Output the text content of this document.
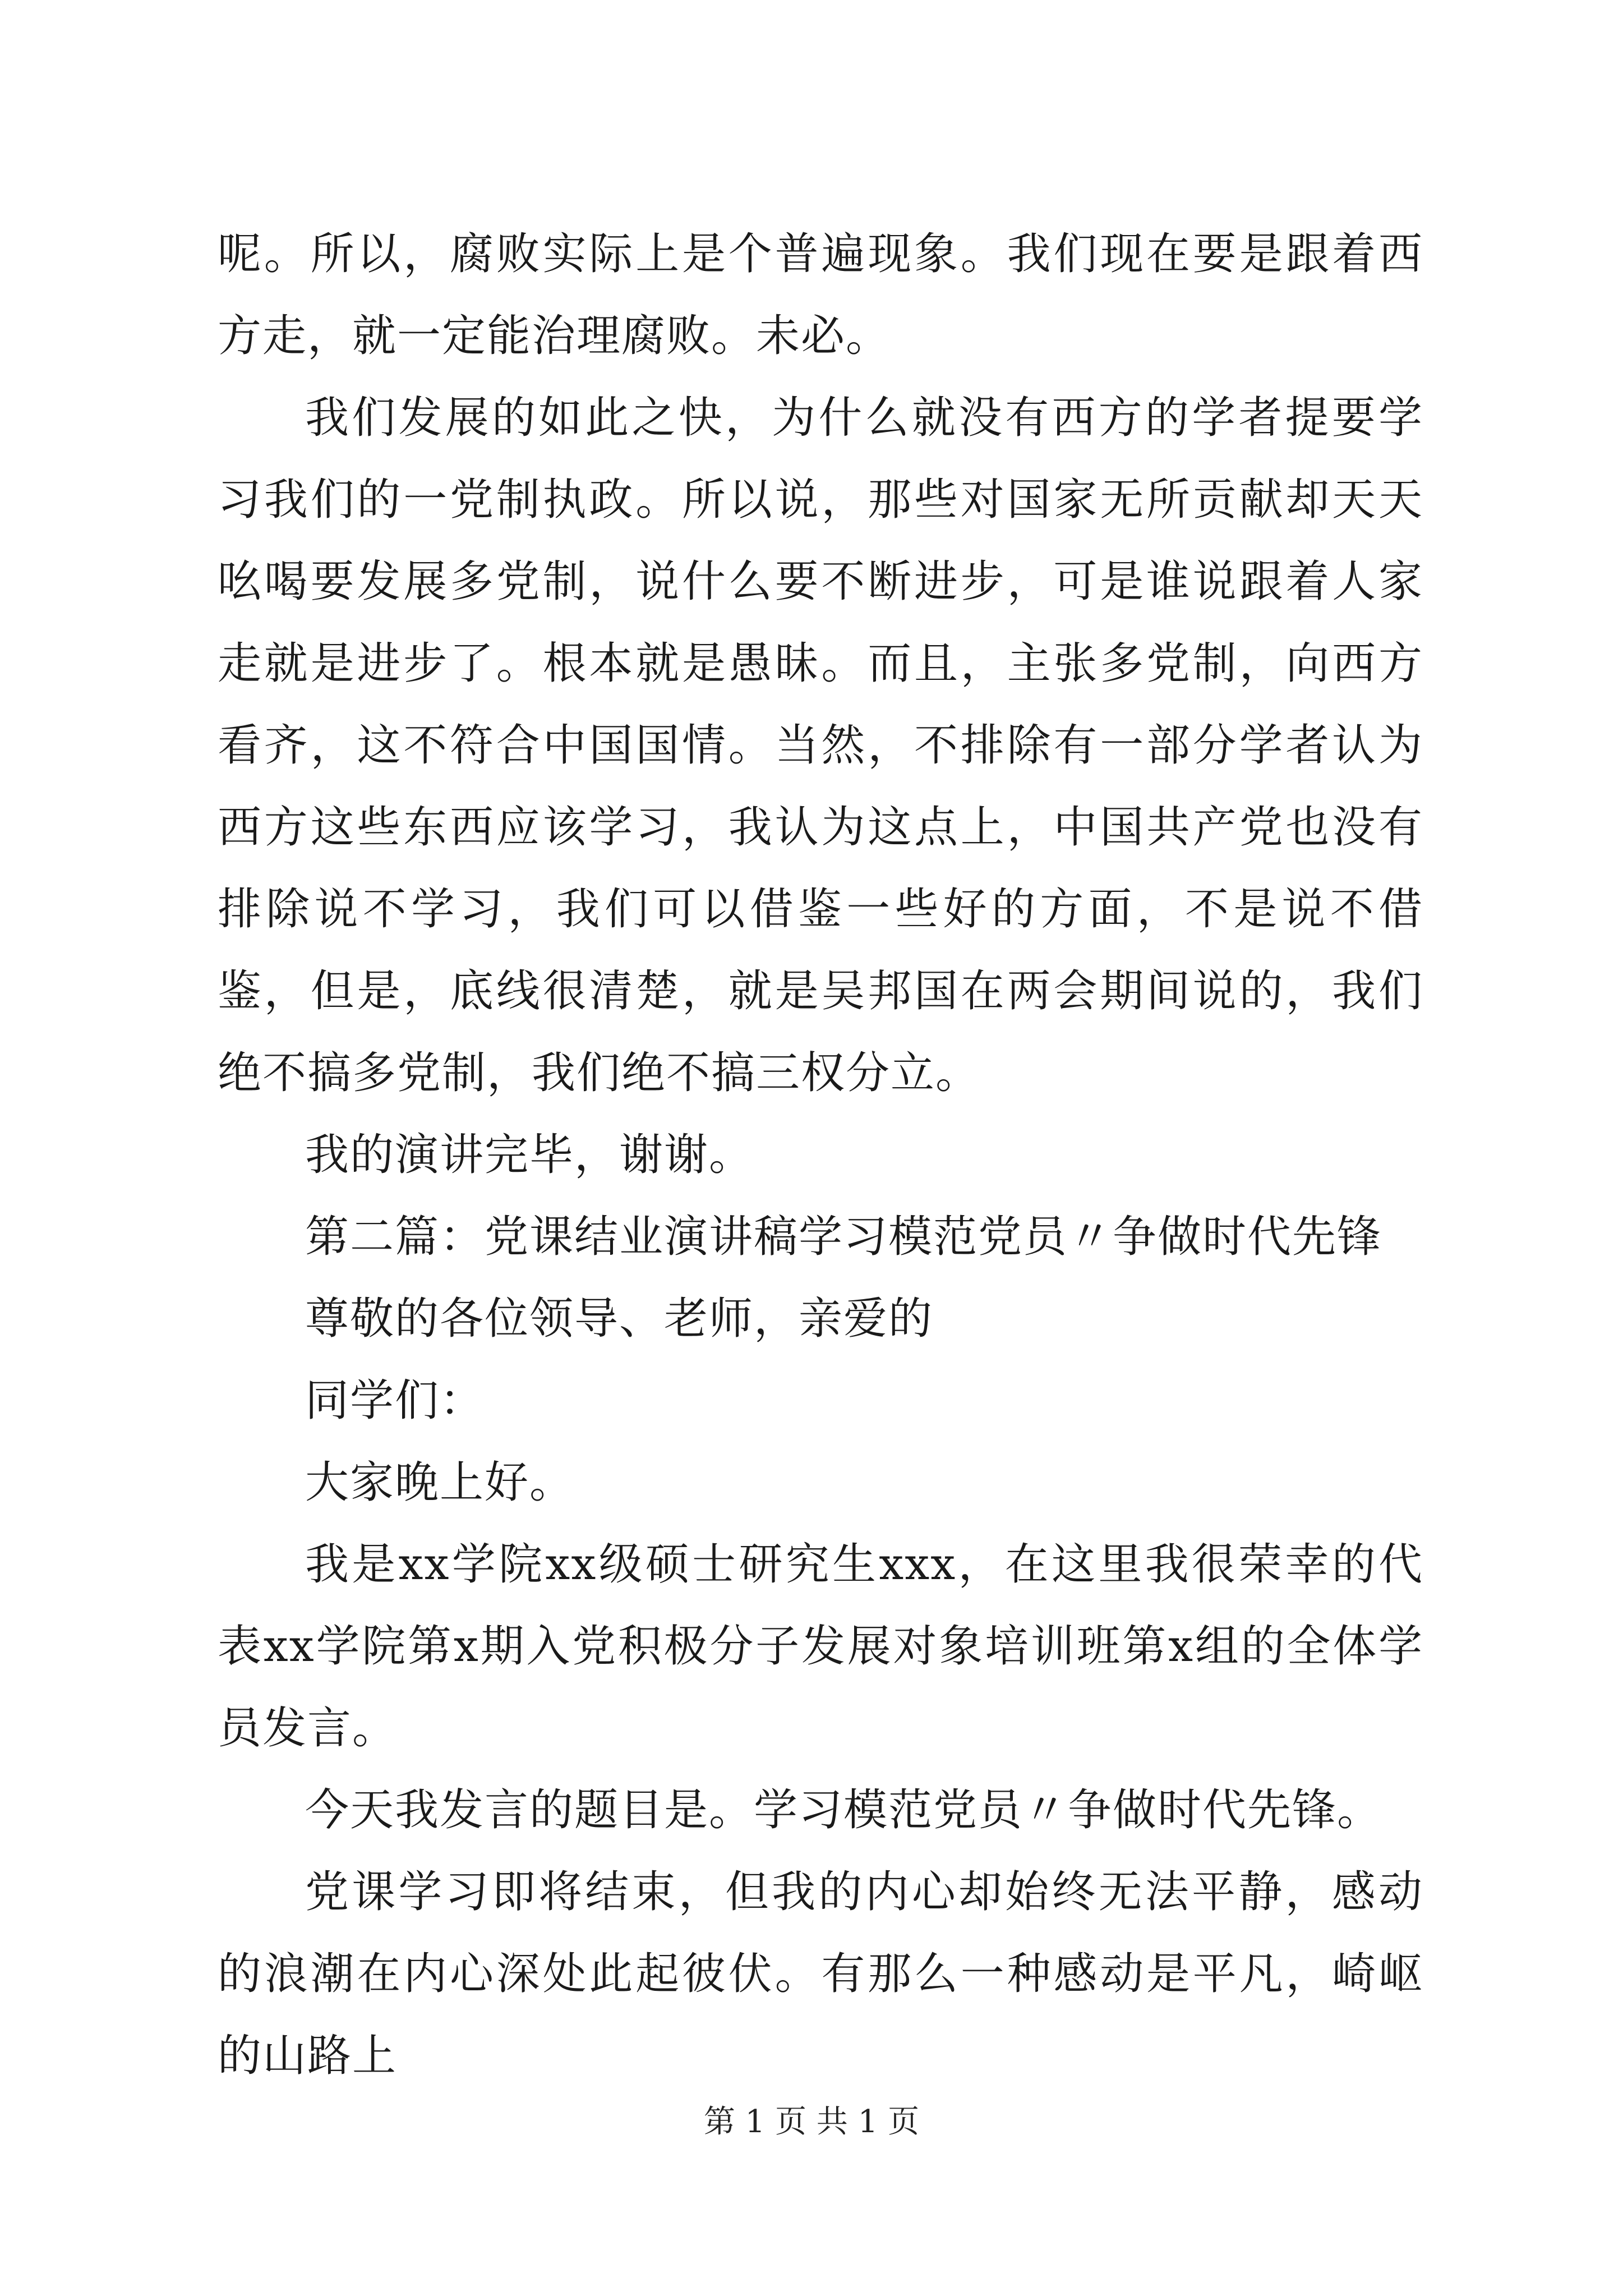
呢。所以，腐败实际上是个普遍现象。我们现在要是跟着西方走，就一定能治理腐败。未必。

我们发展的如此之快，为什么就没有西方的学者提要学习我们的一党制执政。所以说，那些对国家无所贡献却天天吆喝要发展多党制，说什么要不断进步，可是谁说跟着人家走就是进步了。根本就是愚昧。而且，主张多党制，向西方看齐，这不符合中国国情。当然，不排除有一部分学者认为西方这些东西应该学习，我认为这点上，中国共产党也没有排除说不学习，我们可以借鉴一些好的方面，不是说不借鉴，但是，底线很清楚，就是吴邦国在两会期间说的，我们绝不搞多党制，我们绝不搞三权分立。

我的演讲完毕，谢谢。

第二篇：党课结业演讲稿学习模范党员〃争做时代先锋

尊敬的各位领导、老师，亲爱的

同学们：

大家晚上好。

我是xx学院xx级硕士研究生xxx，在这里我很荣幸的代表xx学院第x期入党积极分子发展对象培训班第x组的全体学员发言。

今天我发言的题目是。学习模范党员〃争做时代先锋。

党课学习即将结束，但我的内心却始终无法平静，感动的浪潮在内心深处此起彼伏。有那么一种感动是平凡，崎岖的山路上

第 1 页 共 1 页
